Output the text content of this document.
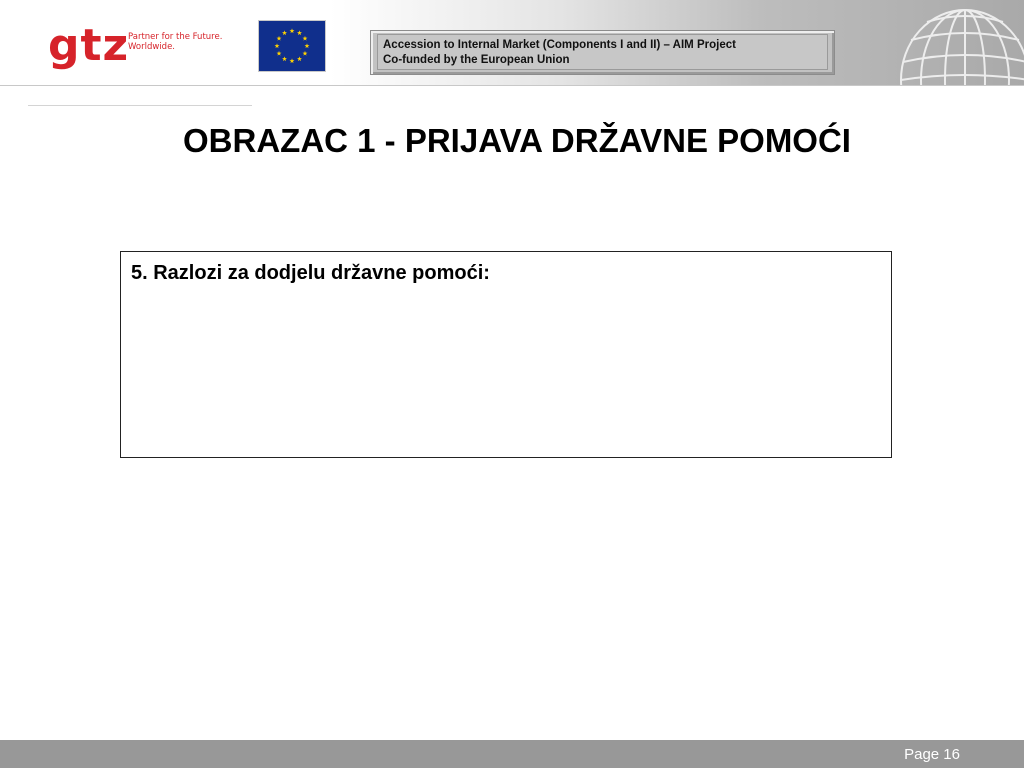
gtz
Partner for the Future.
Worldwide.	Accession to Internal Market (Components I and II) – AIM Project
Co-funded by the European Union
OBRAZAC 1 - PRIJAVA DRŽAVNE POMOĆI
5. Razlozi za dodjelu državne pomoći:
Page 16
